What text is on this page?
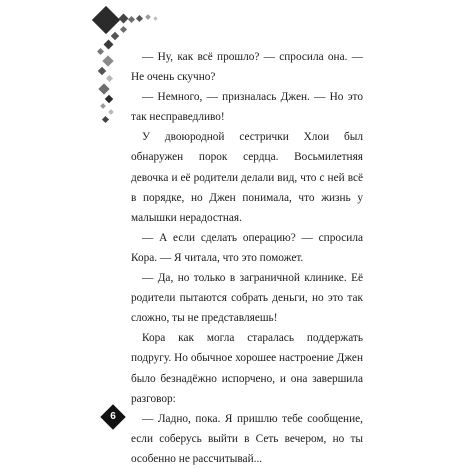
— Ну, как всё прошло? — спросила она. — Не очень скучно?

— Немного, — призналась Джен. — Но это так несправедливо!

У двоюродной сестрички Хлои был обнаружен порок сердца. Восьмилетняя девочка и её родители делали вид, что с ней всё в порядке, но Джен понимала, что жизнь у малышки нерадостная.

— А если сделать операцию? — спросила Кора. — Я читала, что это поможет.

— Да, но только в заграничной клинике. Её родители пытаются собрать деньги, но это так сложно, ты не представляешь!

Кора как могла старалась поддержать подругу. Но обычное хорошее настроение Джен было безнадёжно испорчено, и она завершила разговор:

— Ладно, пока. Я пришлю тебе сообщение, если соберусь выйти в Сеть вечером, но ты особенно не рассчитывай...

6
